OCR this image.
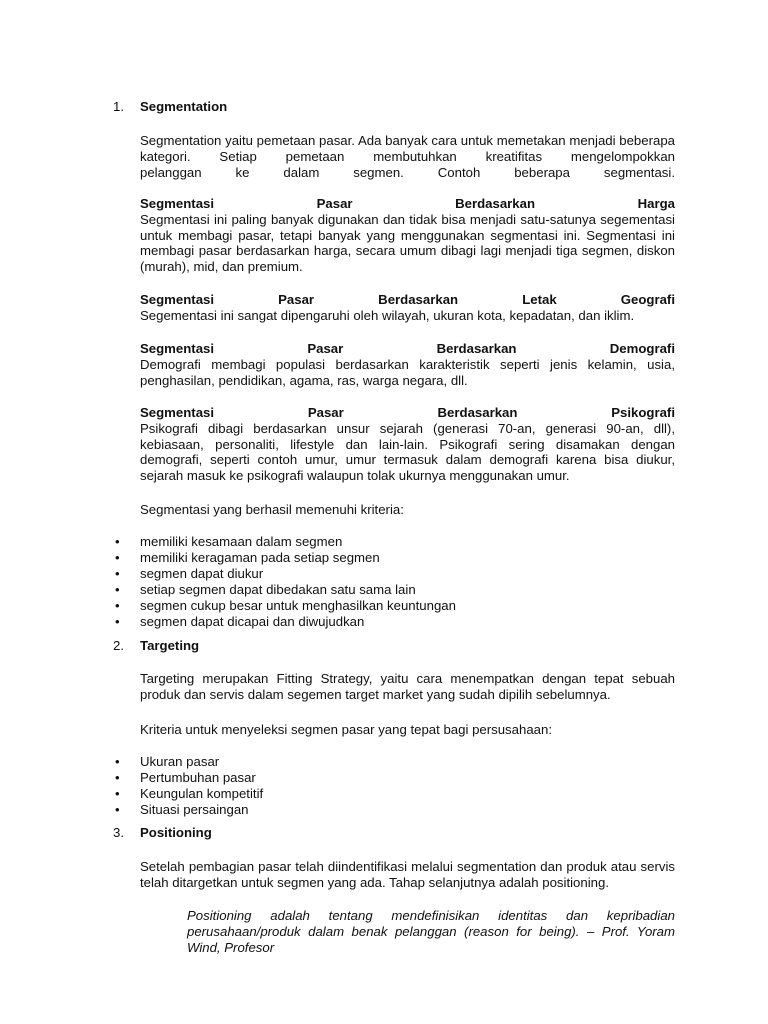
1. Segmentation

Segmentation yaitu pemetaan pasar. Ada banyak cara untuk memetakan menjadi beberapa kategori. Setiap pemetaan membutuhkan kreatifitas mengelompokkan

pelanggan ke dalam segmen. Contoh beberapa segmentasi.

Segmentasi Pasar Berdasarkan Harga

Segmentasi ini paling banyak digunakan dan tidak bisa menjadi satu-satunya segementasi untuk membagi pasar, tetapi banyak yang menggunakan segmentasi ini. Segmentasi ini membagi pasar berdasarkan harga, secara umum dibagi lagi menjadi tiga segmen, diskon (murah), mid, dan premium.

Segmentasi Pasar Berdasarkan Letak Geografi

Segementasi ini sangat dipengaruhi oleh wilayah, ukuran kota, kepadatan, dan iklim.

Segmentasi Pasar Berdasarkan Demografi

Demografi membagi populasi berdasarkan karakteristik seperti jenis kelamin, usia, penghasilan, pendidikan, agama, ras, warga negara, dll.

Segmentasi Pasar Berdasarkan Psikografi

Psikografi dibagi berdasarkan unsur sejarah (generasi 70-an, generasi 90-an, dll), kebiasaan, personaliti, lifestyle dan lain-lain. Psikografi sering disamakan dengan demografi, seperti contoh umur, umur termasuk dalam demografi karena bisa diukur, sejarah masuk ke psikografi walaupun tolak ukurnya menggunakan umur.

Segmentasi yang berhasil memenuhi kriteria:

• memiliki kesamaan dalam segmen
• memiliki keragaman pada setiap segmen
• segmen dapat diukur
• setiap segmen dapat dibedakan satu sama lain
• segmen cukup besar untuk menghasilkan keuntungan
• segmen dapat dicapai dan diwujudkan
2. Targeting

Targeting merupakan Fitting Strategy, yaitu cara menempatkan dengan tepat sebuah produk dan servis dalam segemen target market yang sudah dipilih sebelumnya.

Kriteria untuk menyeleksi segmen pasar yang tepat bagi persusahaan:

• Ukuran pasar
• Pertumbuhan pasar
• Keungulan kompetitif
• Situasi persaingan
3. Positioning

Setelah pembagian pasar telah diindentifikasi melalui segmentation dan produk atau servis telah ditargetkan untuk segmen yang ada. Tahap selanjutnya adalah positioning.

Positioning adalah tentang mendefinisikan identitas dan kepribadian perusahaan/produk dalam benak pelanggan (reason for being). – Prof. Yoram Wind, Profesor
